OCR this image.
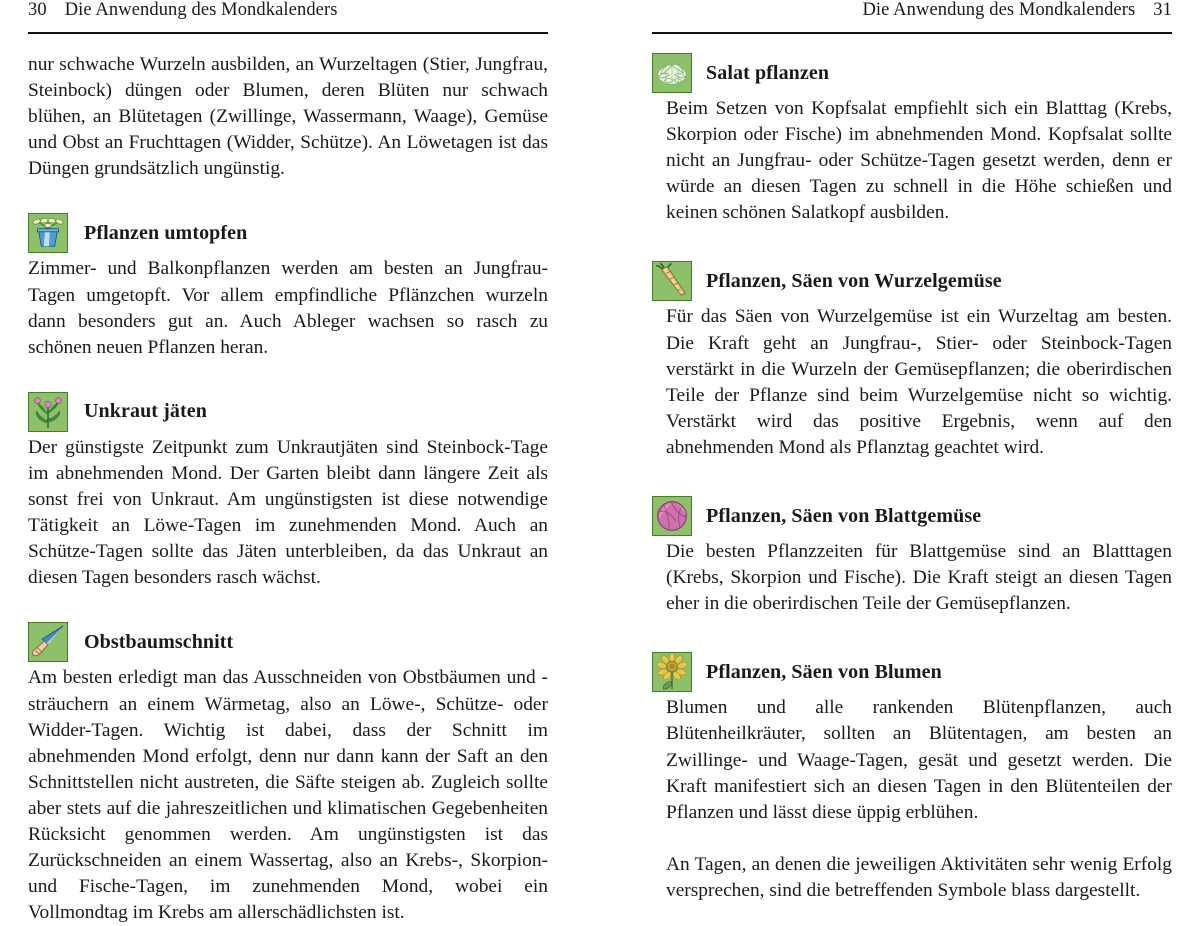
30 Die Anwendung des Mondkalenders

nur schwache Wurzeln ausbilden, an Wurzeltagen (Stier, Jungfrau, Steinbock) düngen oder Blumen, deren Blüten nur schwach blühen, an Blütetagen (Zwillinge, Wassermann, Waage), Gemüse und Obst an Fruchttagen (Widder, Schütze). An Löwetagen ist das Düngen grundsätzlich ungünstig.

Pflanzen umtopfen

Zimmer- und Balkonpflanzen werden am besten an Jungfrau-Tagen umgetopft. Vor allem empfindliche Pflänzchen wurzeln dann besonders gut an. Auch Ableger wachsen so rasch zu schönen neuen Pflanzen heran.

Unkraut jäten

Der günstigste Zeitpunkt zum Unkrautjäten sind Steinbock-Tage im abnehmenden Mond. Der Garten bleibt dann längere Zeit als sonst frei von Unkraut. Am ungünstigsten ist diese notwendige Tätigkeit an Löwe-Tagen im zunehmenden Mond. Auch an Schütze-Tagen sollte das Jäten unterbleiben, da das Unkraut an diesen Tagen besonders rasch wächst.

Obstbaumschnitt

Am besten erledigt man das Ausschneiden von Obstbäumen und -sträuchern an einem Wärmetag, also an Löwe-, Schütze- oder Widder-Tagen. Wichtig ist dabei, dass der Schnitt im abnehmenden Mond erfolgt, denn nur dann kann der Saft an den Schnittstellen nicht austreten, die Säfte steigen ab. Zugleich sollte aber stets auf die jahreszeitlichen und klimatischen Gegebenheiten Rücksicht genommen werden. Am ungünstigsten ist das Zurückschneiden an einem Wassertag, also an Krebs-, Skorpion- und Fische-Tagen, im zunehmenden Mond, wobei ein Vollmondtag im Krebs am allerschädlichsten ist.

Die Anwendung des Mondkalenders 31
Salat pflanzen

Beim Setzen von Kopfsalat empfiehlt sich ein Blatttag (Krebs, Skorpion oder Fische) im abnehmenden Mond. Kopfsalat sollte nicht an Jungfrau- oder Schütze-Tagen gesetzt werden, denn er würde an diesen Tagen zu schnell in die Höhe schießen und keinen schönen Salatkopf ausbilden.

Pflanzen, Säen von Wurzelgemüse

Für das Säen von Wurzelgemüse ist ein Wurzeltag am besten. Die Kraft geht an Jungfrau-, Stier- oder Steinbock-Tagen verstärkt in die Wurzeln der Gemüsepflanzen; die oberirdischen Teile der Pflanze sind beim Wurzelgemüse nicht so wichtig. Verstärkt wird das positive Ergebnis, wenn auf den abnehmenden Mond als Pflanztag geachtet wird.

Pflanzen, Säen von Blattgemüse

Die besten Pflanzzeiten für Blattgemüse sind an Blatttagen (Krebs, Skorpion und Fische). Die Kraft steigt an diesen Tagen eher in die oberirdischen Teile der Gemüsepflanzen.

Pflanzen, Säen von Blumen

Blumen und alle rankenden Blütenpflanzen, auch Blütenheilkräuter, sollten an Blütentagen, am besten an Zwillinge- und Waage-Tagen, gesät und gesetzt werden. Die Kraft manifestiert sich an diesen Tagen in den Blütenteilen der Pflanzen und lässt diese üppig erblühen.

An Tagen, an denen die jeweiligen Aktivitäten sehr wenig Erfolg versprechen, sind die betreffenden Symbole blass dargestellt.
